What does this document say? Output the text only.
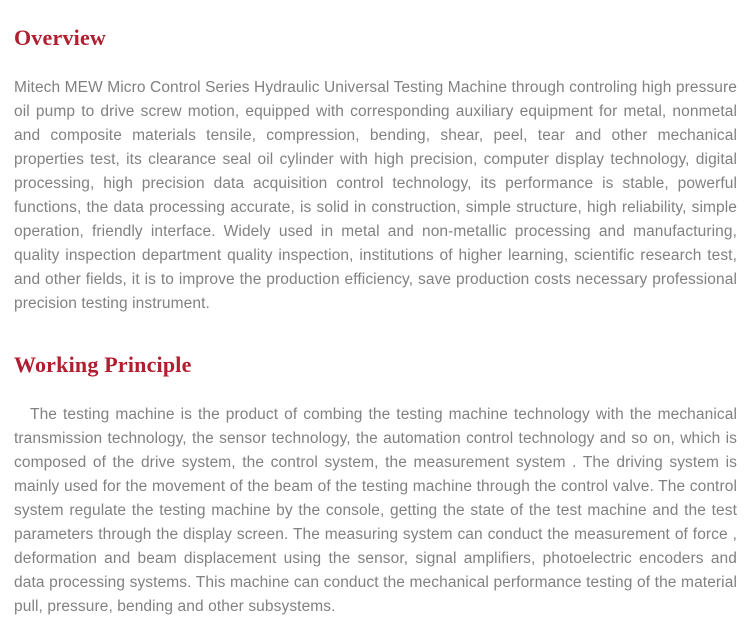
Overview

Mitech MEW Micro Control Series Hydraulic Universal Testing Machine through controling high pressure oil pump to drive screw motion, equipped with corresponding auxiliary equipment for metal, nonmetal and composite materials tensile, compression, bending, shear, peel, tear and other mechanical properties test, its clearance seal oil cylinder with high precision, computer display technology, digital processing, high precision data acquisition control technology, its performance is stable, powerful functions, the data processing accurate, is solid in construction, simple structure, high reliability, simple operation, friendly interface. Widely used in metal and non-metallic processing and manufacturing, quality inspection department quality inspection, institutions of higher learning, scientific research test, and other fields, it is to improve the production efficiency, save production costs necessary professional precision testing instrument.

Working Principle

The testing machine is the product of combing the testing machine technology with the mechanical transmission technology, the sensor technology, the automation control technology and so on, which is composed of the drive system, the control system, the measurement system . The driving system is mainly used for the movement of the beam of the testing machine through the control valve. The control system regulate the testing machine by the console, getting the state of the test machine and the test parameters through the display screen. The measuring system can conduct the measurement of force , deformation and beam displacement using the sensor, signal amplifiers, photoelectric encoders and data processing systems. This machine can conduct the mechanical performance testing of the material pull, pressure, bending and other subsystems.
